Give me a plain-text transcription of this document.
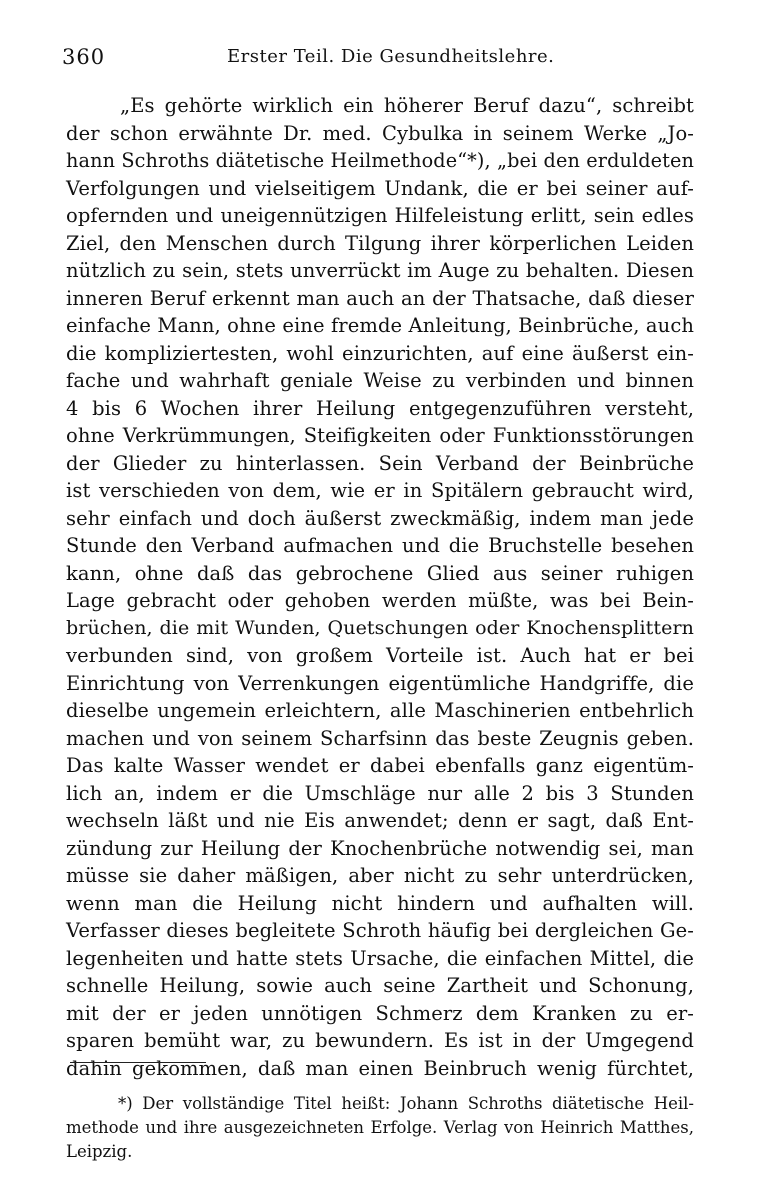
360	Erster Teil. Die Gesundheitslehre.
„Es gehörte wirklich ein höherer Beruf dazu“, schreibt
der schon erwähnte Dr. med. Cybulka in seinem Werke „Jo-
hann Schroths diätetische Heilmethode“*), „bei den erduldeten
Verfolgungen und vielseitigem Undank, die er bei seiner auf-
opfernden und uneigennützigen Hilfeleistung erlitt, sein edles
Ziel, den Menschen durch Tilgung ihrer körperlichen Leiden
nützlich zu sein, stets unverrückt im Auge zu behalten. Diesen
inneren Beruf erkennt man auch an der Thatsache, daß dieser
einfache Mann, ohne eine fremde Anleitung, Beinbrüche, auch
die kompliziertesten, wohl einzurichten, auf eine äußerst ein-
fache und wahrhaft geniale Weise zu verbinden und binnen
4 bis 6 Wochen ihrer Heilung entgegenzuführen versteht,
ohne Verkrümmungen, Steifigkeiten oder Funktionsstörungen
der Glieder zu hinterlassen. Sein Verband der Beinbrüche
ist verschieden von dem, wie er in Spitälern gebraucht wird,
sehr einfach und doch äußerst zweckmäßig, indem man jede
Stunde den Verband aufmachen und die Bruchstelle besehen
kann, ohne daß das gebrochene Glied aus seiner ruhigen
Lage gebracht oder gehoben werden müßte, was bei Bein-
brüchen, die mit Wunden, Quetschungen oder Knochensplittern
verbunden sind, von großem Vorteile ist. Auch hat er bei
Einrichtung von Verrenkungen eigentümliche Handgriffe, die
dieselbe ungemein erleichtern, alle Maschinerien entbehrlich
machen und von seinem Scharfsinn das beste Zeugnis geben.
Das kalte Wasser wendet er dabei ebenfalls ganz eigentüm-
lich an, indem er die Umschläge nur alle 2 bis 3 Stunden
wechseln läßt und nie Eis anwendet; denn er sagt, daß Ent-
zündung zur Heilung der Knochenbrüche notwendig sei, man
müsse sie daher mäßigen, aber nicht zu sehr unterdrücken,
wenn man die Heilung nicht hindern und aufhalten will.
Verfasser dieses begleitete Schroth häufig bei dergleichen Ge-
legenheiten und hatte stets Ursache, die einfachen Mittel, die
schnelle Heilung, sowie auch seine Zartheit und Schonung,
mit der er jeden unnötigen Schmerz dem Kranken zu er-
sparen bemüht war, zu bewundern. Es ist in der Umgegend
dahin gekommen, daß man einen Beinbruch wenig fürchtet,
*) Der vollständige Titel heißt: Johann Schroths diätetische Heil-
methode und ihre ausgezeichneten Erfolge. Verlag von Heinrich Matthes,
Leipzig.
